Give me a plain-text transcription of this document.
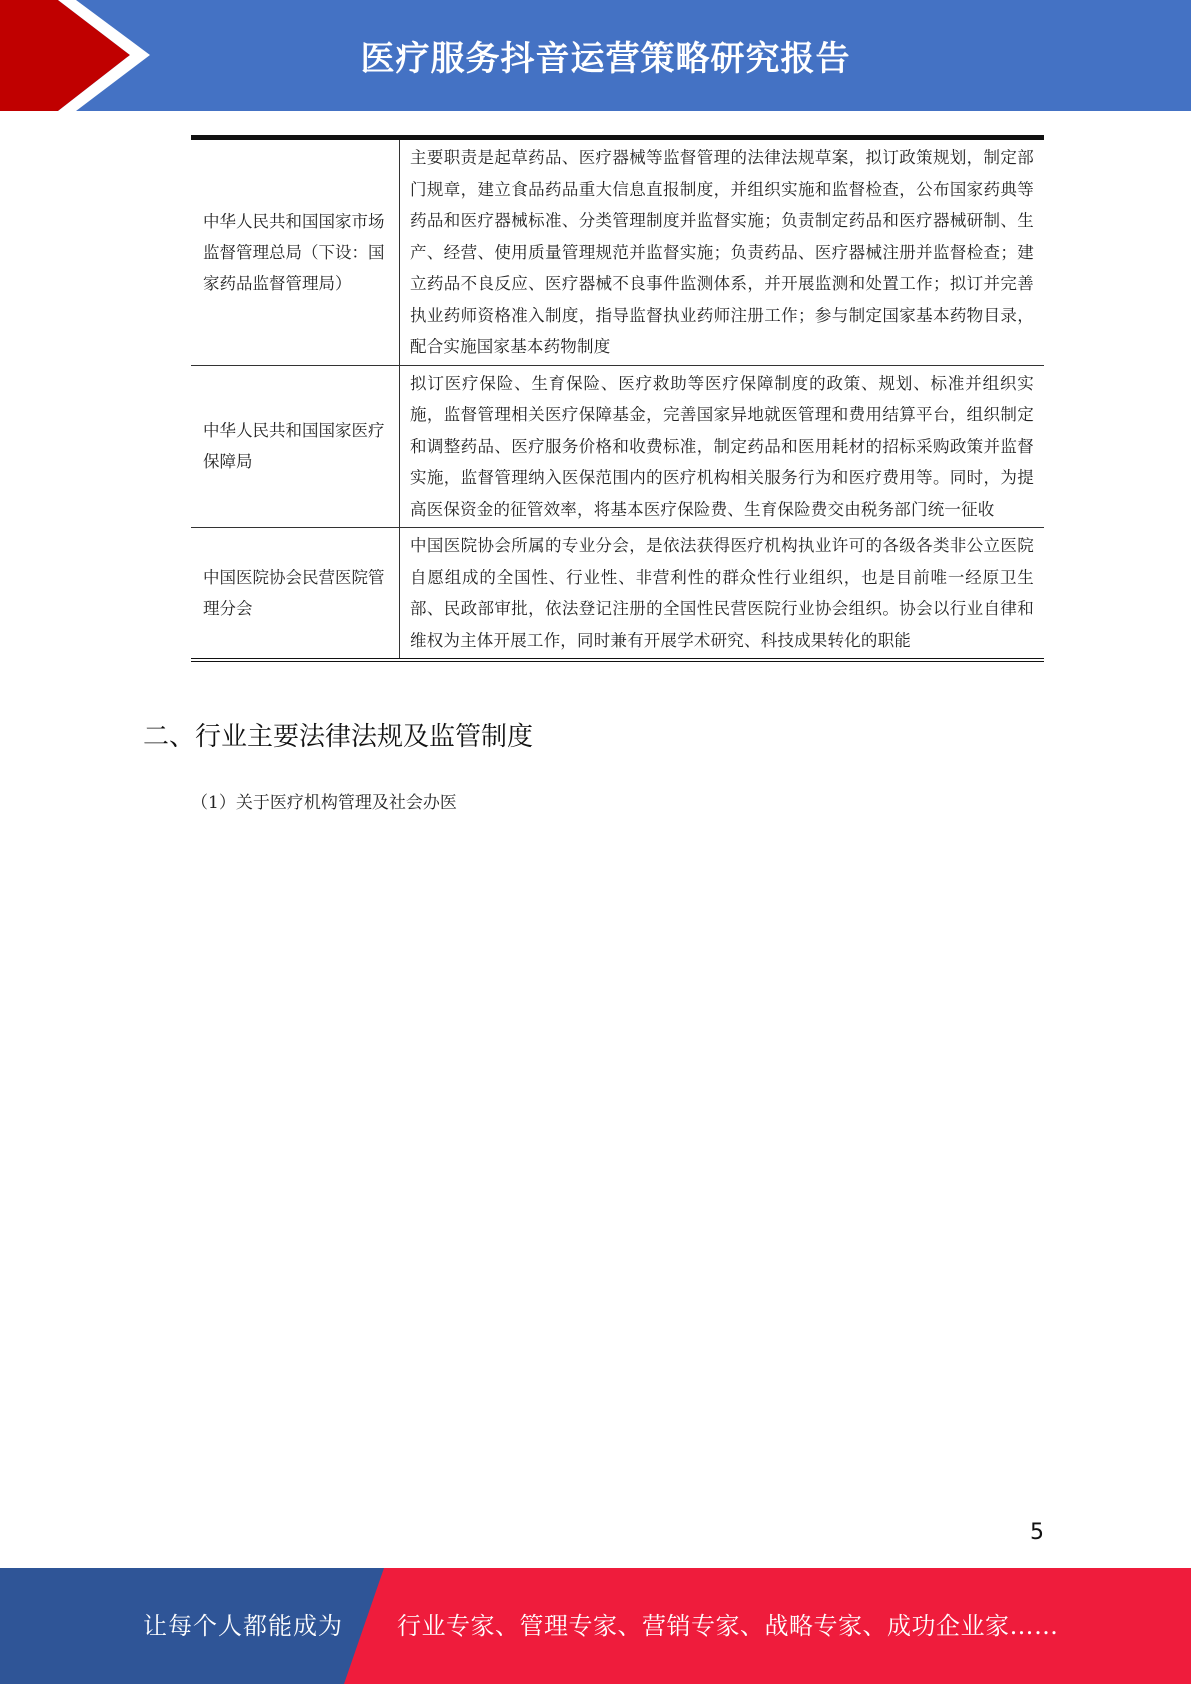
医疗服务抖音运营策略研究报告
中华人民共和国国家市场监督管理总局（下设：国家药品监督管理局）	主要职责是起草药品、医疗器械等监督管理的法律法规草案，拟订政策规划，制定部门规章，建立食品药品重大信息直报制度，并组织实施和监督检查，公布国家药典等药品和医疗器械标准、分类管理制度并监督实施；负责制定药品和医疗器械研制、生产、经营、使用质量管理规范并监督实施；负责药品、医疗器械注册并监督检查；建立药品不良反应、医疗器械不良事件监测体系，并开展监测和处置工作；拟订并完善执业药师资格准入制度，指导监督执业药师注册工作；参与制定国家基本药物目录，配合实施国家基本药物制度
中华人民共和国国家医疗保障局	拟订医疗保险、生育保险、医疗救助等医疗保障制度的政策、规划、标准并组织实施，监督管理相关医疗保障基金，完善国家异地就医管理和费用结算平台，组织制定和调整药品、医疗服务价格和收费标准，制定药品和医用耗材的招标采购政策并监督实施，监督管理纳入医保范围内的医疗机构相关服务行为和医疗费用等。同时，为提高医保资金的征管效率，将基本医疗保险费、生育保险费交由税务部门统一征收
中国医院协会民营医院管理分会	中国医院协会所属的专业分会，是依法获得医疗机构执业许可的各级各类非公立医院自愿组成的全国性、行业性、非营利性的群众性行业组织，也是目前唯一经原卫生部、民政部审批，依法登记注册的全国性民营医院行业协会组织。协会以行业自律和维权为主体开展工作，同时兼有开展学术研究、科技成果转化的职能
二、行业主要法律法规及监管制度
（1）关于医疗机构管理及社会办医
5
让每个人都能成为 行业专家、管理专家、营销专家、战略专家、成功企业家……
